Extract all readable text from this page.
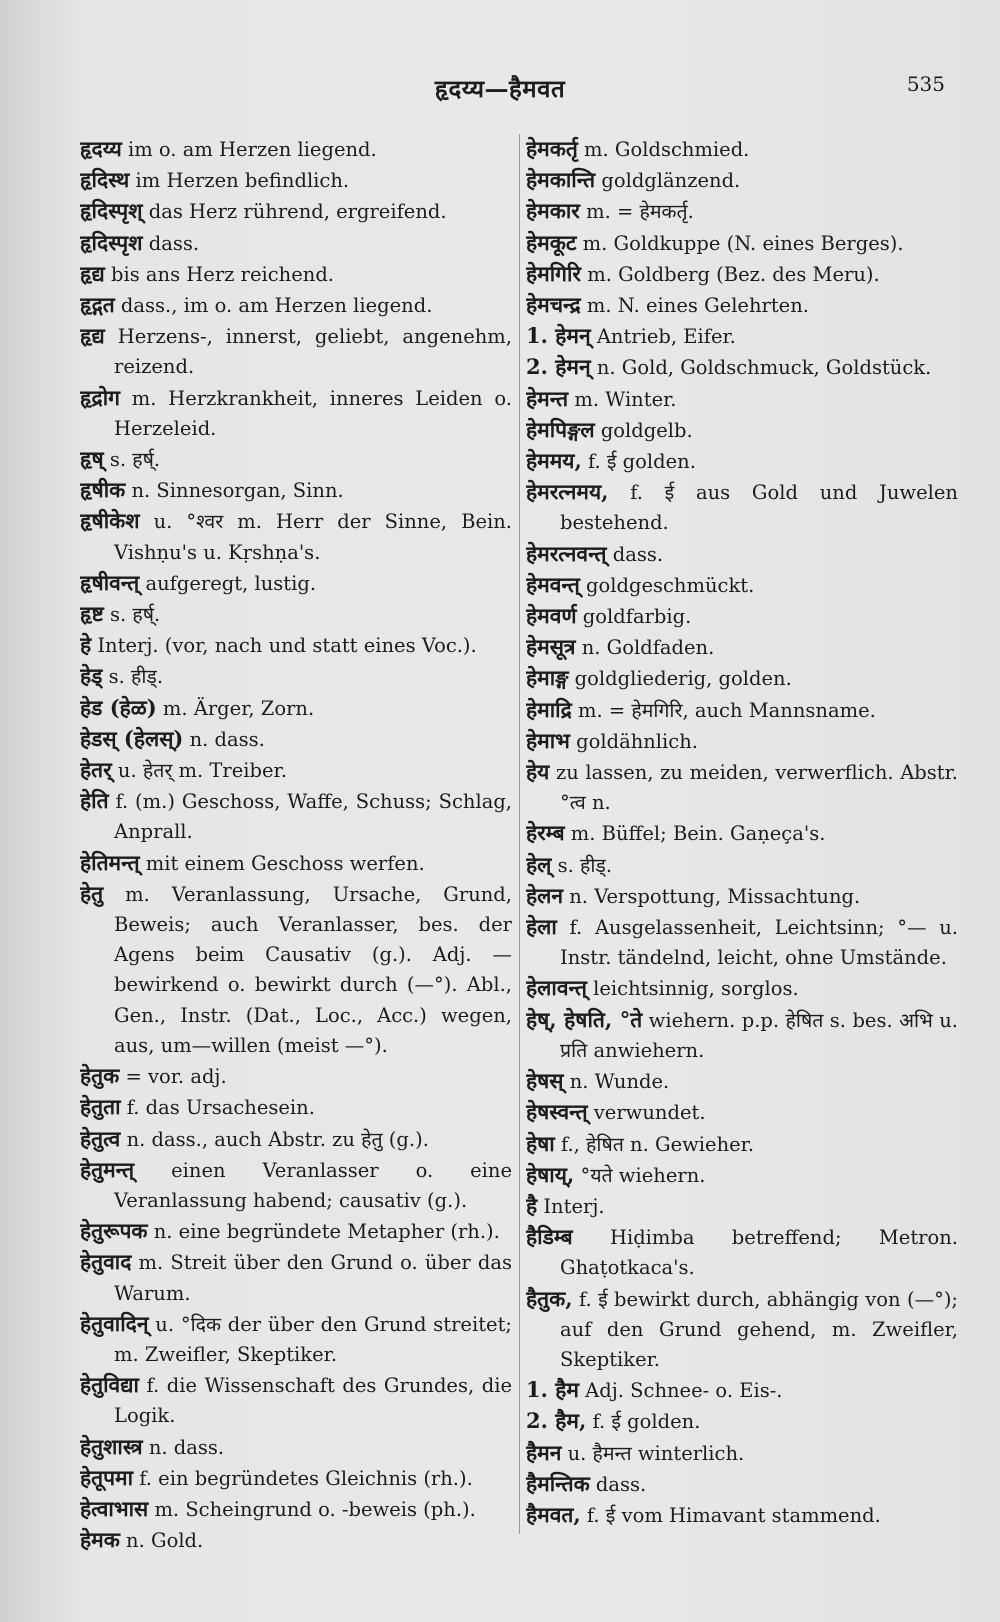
हृदय्य—हैमवत	535
हृदय्य im o. am Herzen liegend.
हृदिस्थ im Herzen befindlich.
हृदिस्पृश् das Herz rührend, ergreifend.
हृदिस्पृश dass.
हृद्य bis ans Herz reichend.
हृद्गत dass., im o. am Herzen liegend.
हृद्य Herzens-, innerst, geliebt, angenehm, reizend.
हृद्रोग m. Herzkrankheit, inneres Leiden o. Herzeleid.
हृष् s. हर्ष्.
हृषीक n. Sinnesorgan, Sinn.
हृषीकेश u. °श्वर m. Herr der Sinne, Bein. Vishṇu's u. Kṛshṇa's.
हृषीवन्त् aufgeregt, lustig.
हृष्ट s. हर्ष्.
हे Interj. (vor, nach und statt eines Voc.).
हेड् s. हीड्.
हेड (हेळ) m. Ärger, Zorn.
हेडस् (हेलस्) n. dass.
हेतर् u. हेतर् m. Treiber.
हेति f. (m.) Geschoss, Waffe, Schuss; Schlag, Anprall.
हेतिमन्त् mit einem Geschoss werfen.
हेतु m. Veranlassung, Ursache, Grund, Beweis; auch Veranlasser, bes. der Agens beim Causativ (g.). Adj. —bewirkend o. bewirkt durch (—°). Abl., Gen., Instr. (Dat., Loc., Acc.) wegen, aus, um—willen (meist —°).
हेतुक = vor. adj.
हेतुता f. das Ursachesein.
हेतुत्व n. dass., auch Abstr. zu हेतु (g.).
हेतुमन्त् einen Veranlasser o. eine Veranlassung habend; causativ (g.).
हेतुरूपक n. eine begründete Metapher (rh.).
हेतुवाद m. Streit über den Grund o. über das Warum.
हेतुवादिन् u. °दिक der über den Grund streitet; m. Zweifler, Skeptiker.
हेतुविद्या f. die Wissenschaft des Grundes, die Logik.
हेतुशास्त्र n. dass.
हेतूपमा f. ein begründetes Gleichnis (rh.).
हेत्वाभास m. Scheingrund o. -beweis (ph.).
हेमक n. Gold.
हेमकर्तृ m. Goldschmied.
हेमकान्ति goldglänzend.
हेमकार m. = हेमकर्तृ.
हेमकूट m. Goldkuppe (N. eines Berges).
हेमगिरि m. Goldberg (Bez. des Meru).
हेमचन्द्र m. N. eines Gelehrten.
1. हेमन् Antrieb, Eifer.
2. हेमन् n. Gold, Goldschmuck, Goldstück.
हेमन्त m. Winter.
हेमपिङ्गल goldgelb.
हेममय, f. ई golden.
हेमरत्नमय, f. ई aus Gold und Juwelen bestehend.
हेमरत्नवन्त् dass.
हेमवन्त् goldgeschmückt.
हेमवर्ण goldfarbig.
हेमसूत्र n. Goldfaden.
हेमाङ्ग goldgliederig, golden.
हेमाद्रि m. = हेमगिरि, auch Mannsname.
हेमाभ goldähnlich.
हेय zu lassen, zu meiden, verwerflich. Abstr. °त्व n.
हेरम्ब m. Büffel; Bein. Gaṇeça's.
हेल् s. हीड्.
हेलन n. Verspottung, Missachtung.
हेला f. Ausgelassenheit, Leichtsinn; °— u. Instr. tändelnd, leicht, ohne Umstände.
हेलावन्त् leichtsinnig, sorglos.
हेष्, हेषति, °ते wiehern. p.p. हेषित s. bes. अभि u. प्रति anwiehern.
हेषस् n. Wunde.
हेषस्वन्त् verwundet.
हेषा f., हेषित n. Gewieher.
हेषाय्, °यते wiehern.
है Interj.
हैडिम्ब Hiḍimba betreffend; Metron. Ghaṭotkaca's.
हैतुक, f. ई bewirkt durch, abhängig von (—°); auf den Grund gehend, m. Zweifler, Skeptiker.
1. हैम Adj. Schnee- o. Eis-.
2. हैम, f. ई golden.
हैमन u. हैमन्त winterlich.
हैमन्तिक dass.
हैमवत, f. ई vom Himavant stammend.
